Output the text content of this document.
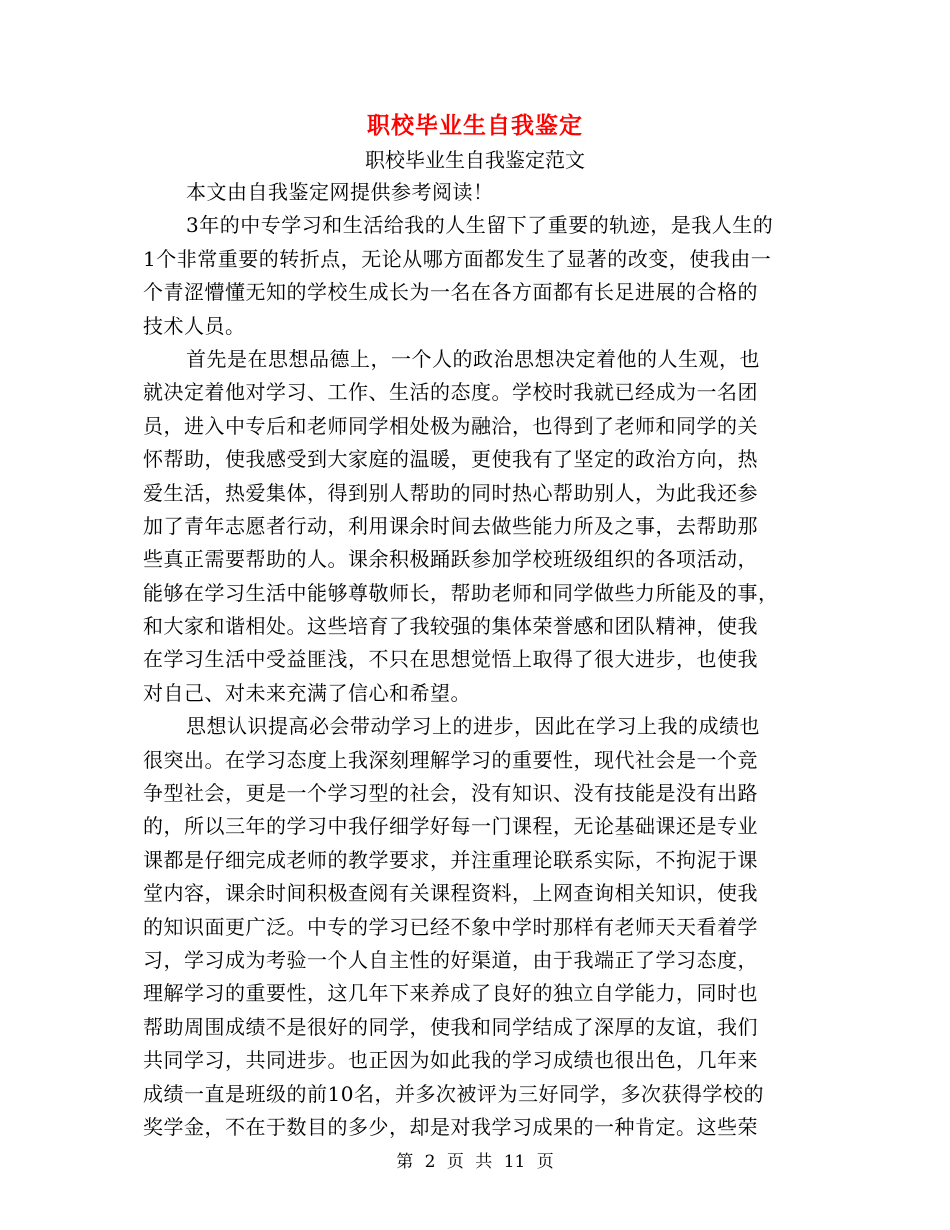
职校毕业生自我鉴定
职校毕业生自我鉴定范文
本文由自我鉴定网提供参考阅读！
3年的中专学习和生活给我的人生留下了重要的轨迹，是我人生的
1个非常重要的转折点，无论从哪方面都发生了显著的改变，使我由一
个青涩懵懂无知的学校生成长为一名在各方面都有长足进展的合格的
技术人员。
首先是在思想品德上，一个人的政治思想决定着他的人生观，也
就决定着他对学习、工作、生活的态度。学校时我就已经成为一名团
员，进入中专后和老师同学相处极为融洽，也得到了老师和同学的关
怀帮助，使我感受到大家庭的温暖，更使我有了坚定的政治方向，热
爱生活，热爱集体，得到别人帮助的同时热心帮助别人，为此我还参
加了青年志愿者行动，利用课余时间去做些能力所及之事，去帮助那
些真正需要帮助的人。课余积极踊跃参加学校班级组织的各项活动，
能够在学习生活中能够尊敬师长，帮助老师和同学做些力所能及的事，
和大家和谐相处。这些培育了我较强的集体荣誉感和团队精神，使我
在学习生活中受益匪浅，不只在思想觉悟上取得了很大进步，也使我
对自己、对未来充满了信心和希望。
思想认识提高必会带动学习上的进步，因此在学习上我的成绩也
很突出。在学习态度上我深刻理解学习的重要性，现代社会是一个竞
争型社会，更是一个学习型的社会，没有知识、没有技能是没有出路
的，所以三年的学习中我仔细学好每一门课程，无论基础课还是专业
课都是仔细完成老师的教学要求，并注重理论联系实际，不拘泥于课
堂内容，课余时间积极查阅有关课程资料，上网查询相关知识，使我
的知识面更广泛。中专的学习已经不象中学时那样有老师天天看着学
习，学习成为考验一个人自主性的好渠道，由于我端正了学习态度，
理解学习的重要性，这几年下来养成了良好的独立自学能力，同时也
帮助周围成绩不是很好的同学，使我和同学结成了深厚的友谊，我们
共同学习，共同进步。也正因为如此我的学习成绩也很出色，几年来
成绩一直是班级的前10名，并多次被评为三好同学，多次获得学校的
奖学金，不在于数目的多少，却是对我学习成果的一种肯定。这些荣
第 2 页 共 11 页
